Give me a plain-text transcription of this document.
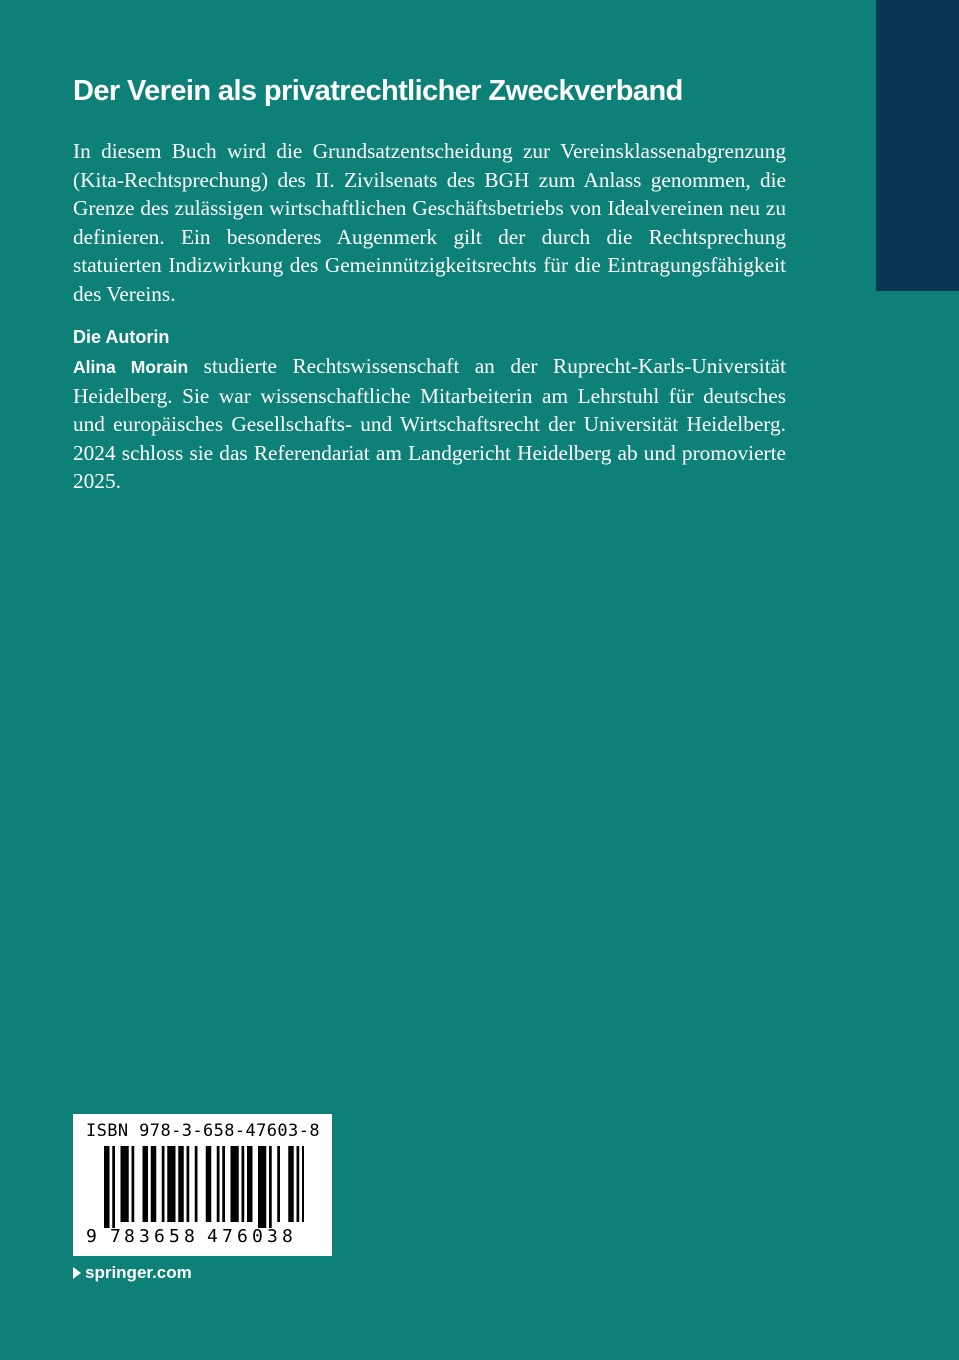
Der Verein als privatrechtlicher Zweckverband

In diesem Buch wird die Grundsatzentscheidung zur Vereinsklassenabgrenzung (Kita-Rechtsprechung) des II. Zivilsenats des BGH zum Anlass genommen, die Grenze des zulässigen wirtschaftlichen Geschäftsbetriebs von Idealvereinen neu zu definieren. Ein besonderes Augenmerk gilt der durch die Rechtsprechung statuierten Indizwirkung des Gemeinnützigkeitsrechts für die Eintragungsfähigkeit des Vereins.

Die Autorin

Alina Morain studierte Rechtswissenschaft an der Ruprecht-Karls-Universität Heidelberg. Sie war wissenschaftliche Mitarbeiterin am Lehrstuhl für deutsches und europäisches Gesellschafts- und Wirtschaftsrecht der Universität Heidelberg. 2024 schloss sie das Referendariat am Landgericht Heidelberg ab und promovierte 2025.

ISBN 978-3-658-47603-8
9 7 8 3 6 5 8 4 7 6 0 3 8
springer.com
